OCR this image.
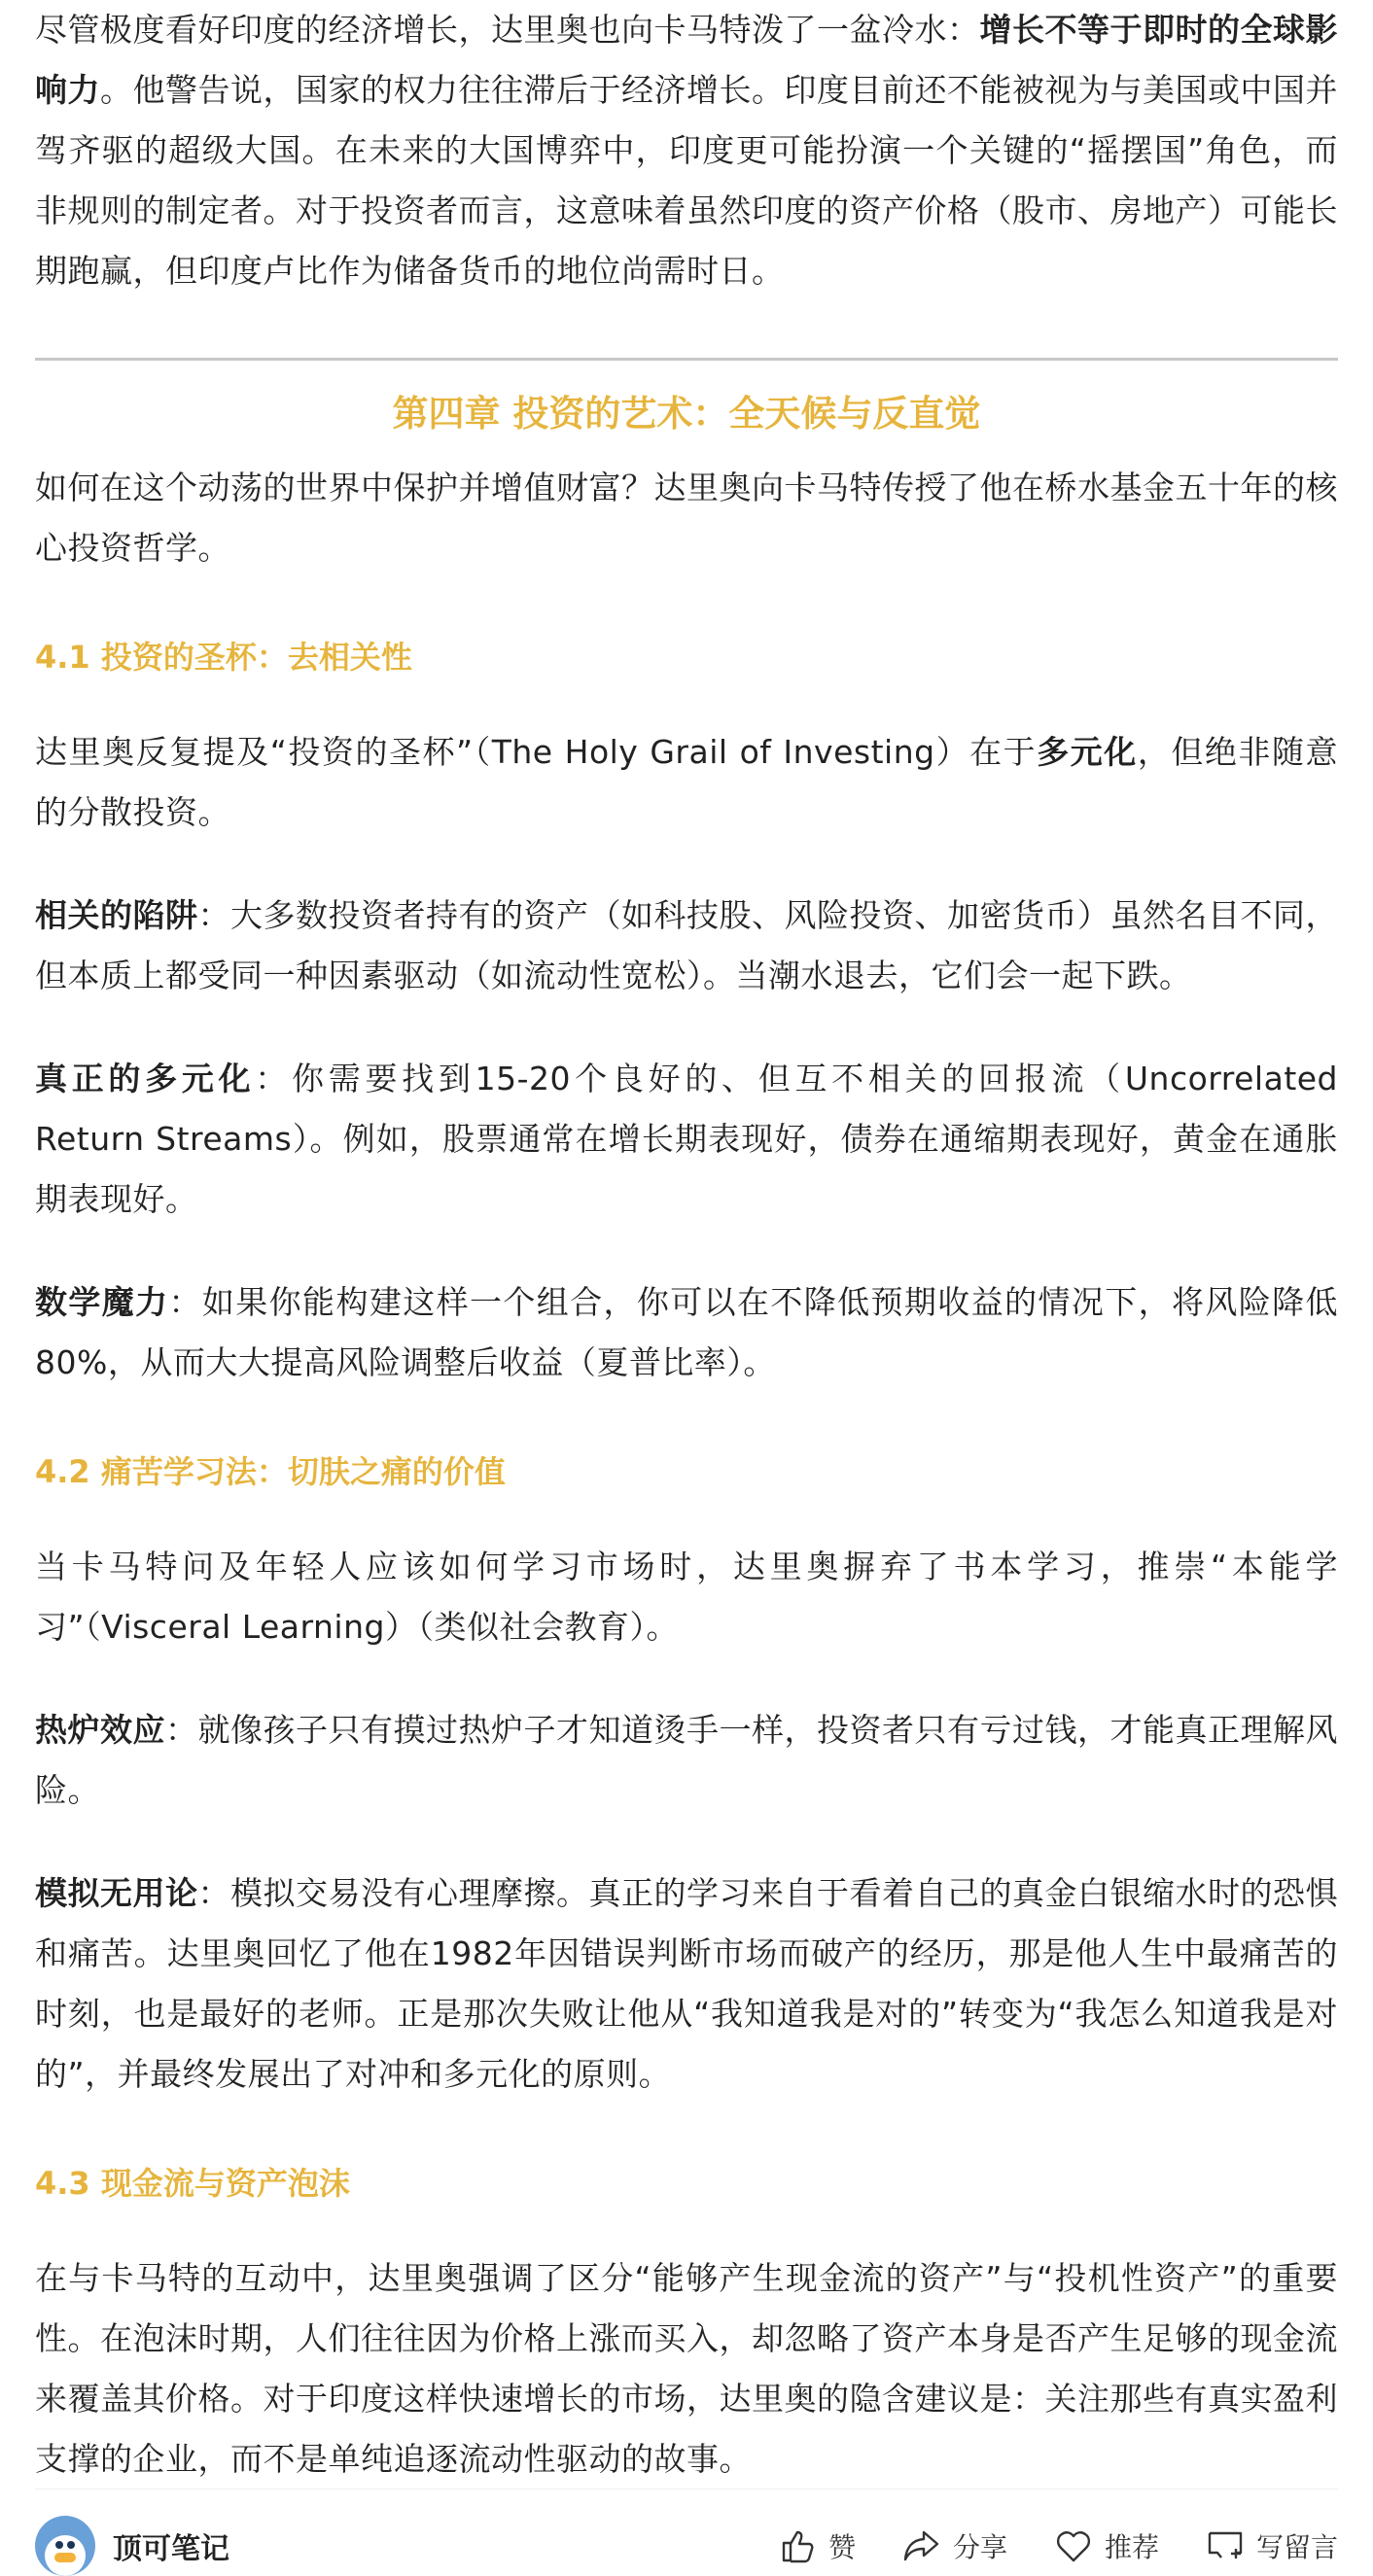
尽管极度看好印度的经济增长，达里奥也向卡马特泼了一盆冷水：增长不等于即时的全球影响力。他警告说，国家的权力往往滞后于经济增长。印度目前还不能被视为与美国或中国并驾齐驱的超级大国。在未来的大国博弈中，印度更可能扮演一个关键的“摇摆国”角色，而非规则的制定者。对于投资者而言，这意味着虽然印度的资产价格（股市、房地产）可能长期跑赢，但印度卢比作为储备货币的地位尚需时日。

第四章 投资的艺术：全天候与反直觉

如何在这个动荡的世界中保护并增值财富？达里奥向卡马特传授了他在桥水基金五十年的核心投资哲学。

4.1 投资的圣杯：去相关性

达里奥反复提及“投资的圣杯”（The Holy Grail of Investing）在于多元化，但绝非随意的分散投资。

相关的陷阱：大多数投资者持有的资产（如科技股、风险投资、加密货币）虽然名目不同，但本质上都受同一种因素驱动（如流动性宽松）。当潮水退去，它们会一起下跌。

真正的多元化：你需要找到15-20个良好的、但互不相关的回报流（Uncorrelated Return Streams）。例如，股票通常在增长期表现好，债券在通缩期表现好，黄金在通胀期表现好。

数学魔力：如果你能构建这样一个组合，你可以在不降低预期收益的情况下，将风险降低80%，从而大大提高风险调整后收益（夏普比率）。

4.2 痛苦学习法：切肤之痛的价值

当卡马特问及年轻人应该如何学习市场时，达里奥摒弃了书本学习，推崇“本能学习”（Visceral Learning）（类似社会教育）。

热炉效应：就像孩子只有摸过热炉子才知道烫手一样，投资者只有亏过钱，才能真正理解风险。

模拟无用论：模拟交易没有心理摩擦。真正的学习来自于看着自己的真金白银缩水时的恐惧和痛苦。达里奥回忆了他在1982年因错误判断市场而破产的经历，那是他人生中最痛苦的时刻，也是最好的老师。正是那次失败让他从“我知道我是对的”转变为“我怎么知道我是对的”，并最终发展出了对冲和多元化的原则。

4.3 现金流与资产泡沫

在与卡马特的互动中，达里奥强调了区分“能够产生现金流的资产”与“投机性资产”的重要性。在泡沫时期，人们往往因为价格上涨而买入，却忽略了资产本身是否产生足够的现金流来覆盖其价格。对于印度这样快速增长的市场，达里奥的隐含建议是：关注那些有真实盈利支撑的企业，而不是单纯追逐流动性驱动的故事。

顶可笔记	赞	分享	推荐	写留言
